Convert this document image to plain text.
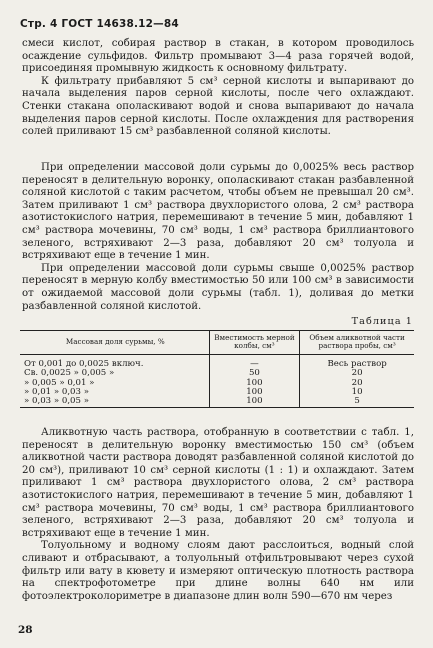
Стр. 4 ГОСТ 14638.12—84

смеси кислот, собирая раствор в стакан, в котором проводилось осаждение сульфидов. Фильтр промывают 3—4 раза горячей водой, присоединяя промывную жидкость к основному фильтрату.

К фильтрату прибавляют 5 см³ серной кислоты и выпаривают до начала выделения паров серной кислоты, после чего охлаждают. Стенки стакана ополаскивают водой и снова выпаривают до начала выделения паров серной кислоты. После охлаждения для растворения солей приливают 15 см³ разбавленной соляной кислоты.

При определении массовой доли сурьмы до 0,0025% весь раствор переносят в делительную воронку, ополаскивают стакан разбавленной соляной кислотой с таким расчетом, чтобы объем не превышал 20 см³. Затем приливают 1 см³ раствора двухлористого олова, 2 см³ раствора азотистокислого натрия, перемешивают в течение 5 мин, добавляют 1 см³ раствора мочевины, 70 см³ воды, 1 см³ раствора бриллиантового зеленого, встряхивают 2—3 раза, добавляют 20 см³ толуола и встряхивают еще в течение 1 мин.

При определении массовой доли сурьмы свыше 0,0025% раствор переносят в мерную колбу вместимостью 50 или 100 см³ в зависимости от ожидаемой массовой доли сурьмы (табл. 1), доливая до метки разбавленной соляной кислотой.

Таблица 1
Массовая доля сурьмы, %	Вместимость мерной колбы, см³	Объем аликвотной части раствора пробы, см³
От 0,001 до 0,0025 включ.	—	Весь раствор
Св. 0,0025 » 0,005 »	50	20
» 0,005 » 0,01 »	100	20
» 0,01 » 0,03 »	100	10
» 0,03 » 0,05 »	100	5

Аликвотную часть раствора, отобранную в соответствии с табл. 1, переносят в делительную воронку вместимостью 150 см³ (объем аликвотной части раствора доводят разбавленной соляной кислотой до 20 см³), приливают 10 см³ серной кислоты (1 : 1) и охлаждают. Затем приливают 1 см³ раствора двухлористого олова, 2 см³ раствора азотистокислого натрия, перемешивают в течение 5 мин, добавляют 1 см³ раствора мочевины, 70 см³ воды, 1 см³ раствора бриллиантового зеленого, встряхивают 2—3 раза, добавляют 20 см³ толуола и встряхивают еще в течение 1 мин.

Толуольному и водному слоям дают расслоиться, водный слой сливают и отбрасывают, а толуольный отфильтровывают через сухой фильтр или вату в кювету и измеряют оптическую плотность раствора на спектрофотометре при длине волны 640 нм или фотоэлектроколориметре в диапазоне длин волн 590—670 нм через

28
